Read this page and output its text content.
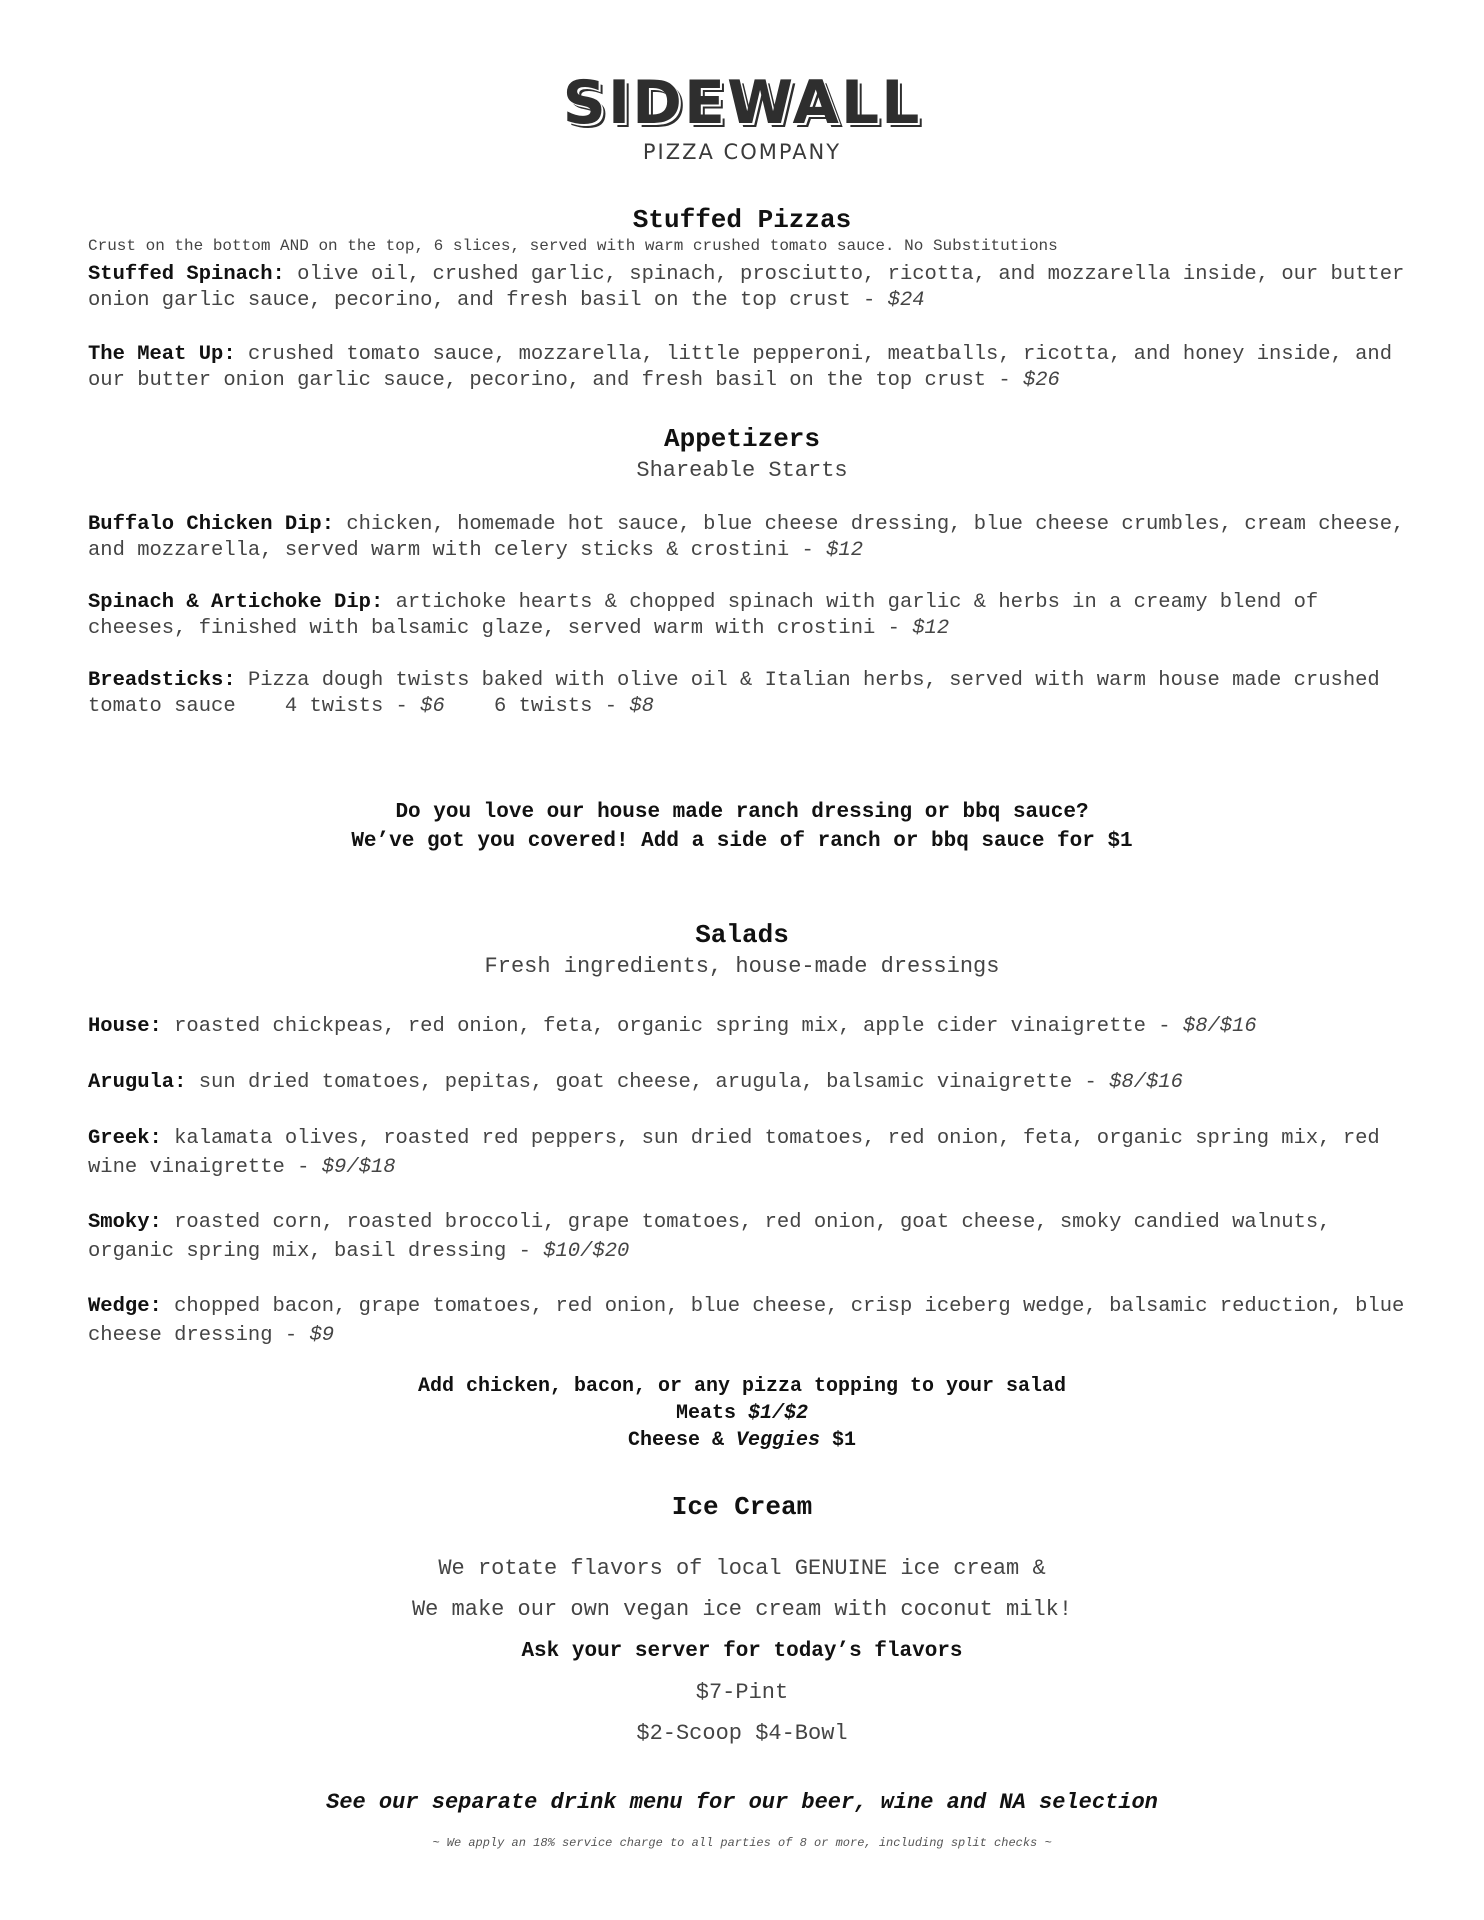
SIDEWALL
PIZZA COMPANY
Stuffed Pizzas
Crust on the bottom AND on the top, 6 slices, served with warm crushed tomato sauce. No Substitutions
Stuffed Spinach: olive oil, crushed garlic, spinach, prosciutto, ricotta, and mozzarella inside, our butter onion garlic sauce, pecorino, and fresh basil on the top crust - $24
The Meat Up: crushed tomato sauce, mozzarella, little pepperoni, meatballs, ricotta, and honey inside, and our butter onion garlic sauce, pecorino, and fresh basil on the top crust - $26
Appetizers
Shareable Starts
Buffalo Chicken Dip: chicken, homemade hot sauce, blue cheese dressing, blue cheese crumbles, cream cheese, and mozzarella, served warm with celery sticks & crostini - $12
Spinach & Artichoke Dip: artichoke hearts & chopped spinach with garlic & herbs in a creamy blend of cheeses, finished with balsamic glaze, served warm with crostini - $12
Breadsticks: Pizza dough twists baked with olive oil & Italian herbs, served with warm house made crushed tomato sauce 4 twists - $6 6 twists - $8
Do you love our house made ranch dressing or bbq sauce?
We’ve got you covered! Add a side of ranch or bbq sauce for $1
Salads
Fresh ingredients, house-made dressings
House: roasted chickpeas, red onion, feta, organic spring mix, apple cider vinaigrette - $8/$16
Arugula: sun dried tomatoes, pepitas, goat cheese, arugula, balsamic vinaigrette - $8/$16
Greek: kalamata olives, roasted red peppers, sun dried tomatoes, red onion, feta, organic spring mix, red wine vinaigrette - $9/$18
Smoky: roasted corn, roasted broccoli, grape tomatoes, red onion, goat cheese, smoky candied walnuts, organic spring mix, basil dressing - $10/$20
Wedge: chopped bacon, grape tomatoes, red onion, blue cheese, crisp iceberg wedge, balsamic reduction, blue cheese dressing - $9
Add chicken, bacon, or any pizza topping to your salad
Meats $1/$2
Cheese & Veggies $1
Ice Cream
We rotate flavors of local GENUINE ice cream &
We make our own vegan ice cream with coconut milk!
Ask your server for today’s flavors
$7-Pint
$2-Scoop $4-Bowl
See our separate drink menu for our beer, wine and NA selection
~ We apply an 18% service charge to all parties of 8 or more, including split checks ~
